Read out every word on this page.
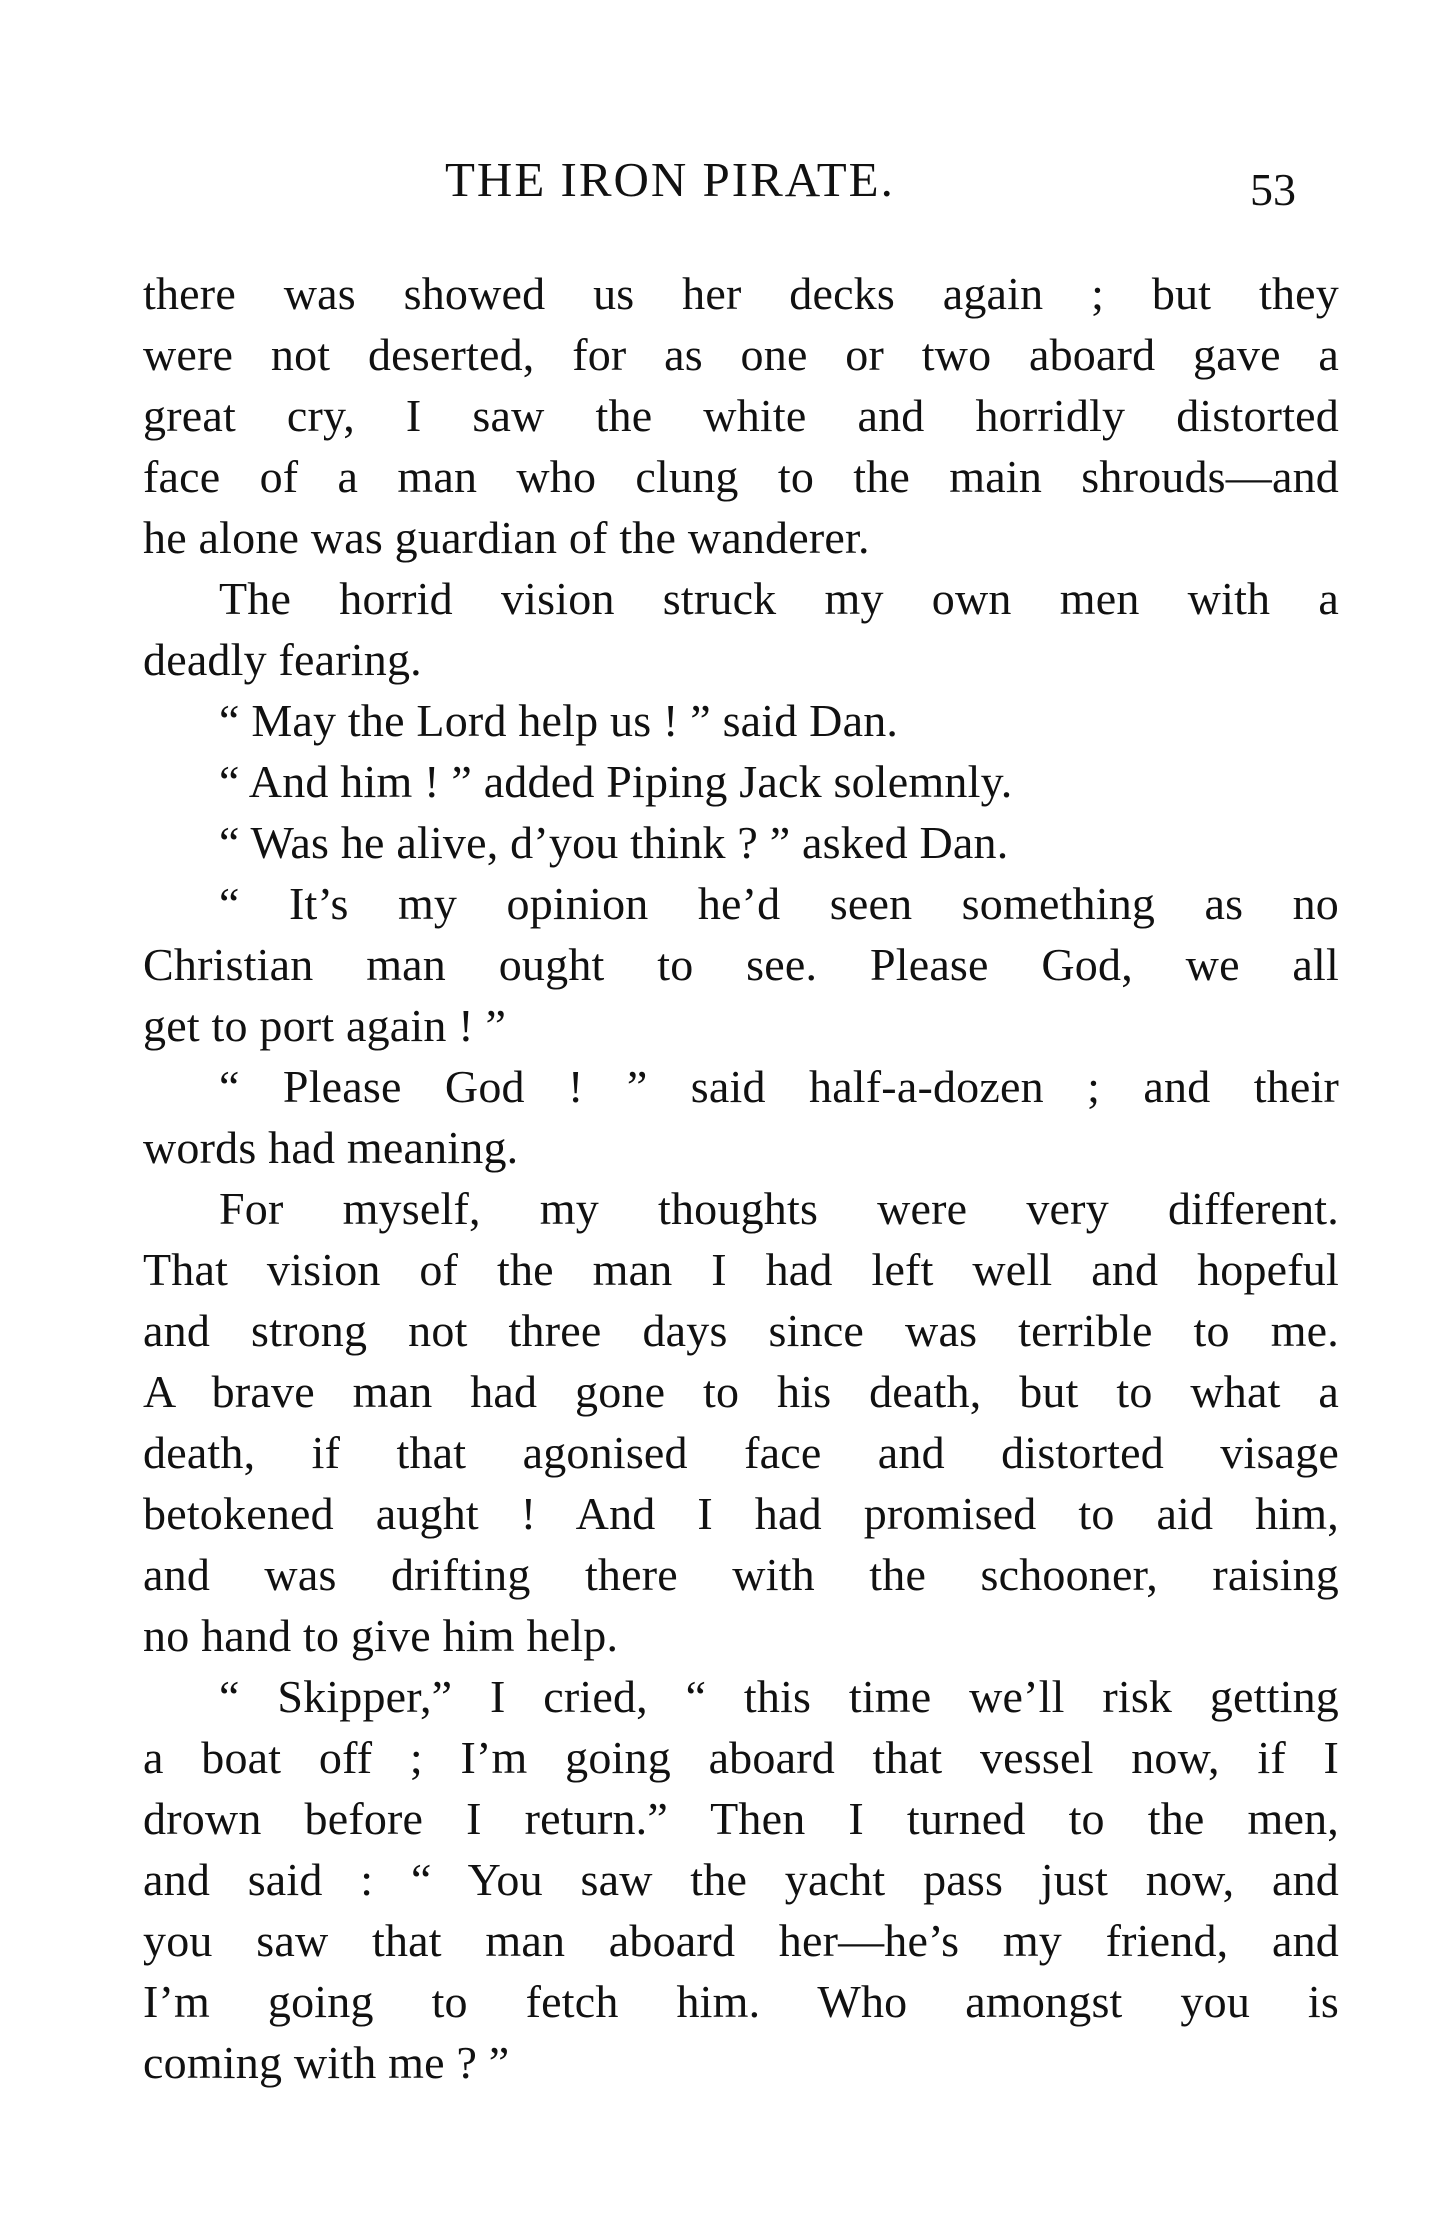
THE IRON PIRATE.	53
there was showed us her decks again ; but they
were not deserted, for as one or two aboard gave a
great cry, I saw the white and horridly distorted
face of a man who clung to the main shrouds—and
he alone was guardian of the wanderer.
The horrid vision struck my own men with a
deadly fearing.
“ May the Lord help us ! ” said Dan.
“ And him ! ” added Piping Jack solemnly.
“ Was he alive, d’you think ? ” asked Dan.
“ It’s my opinion he’d seen something as no
Christian man ought to see. Please God, we all
get to port again ! ”
“ Please God ! ” said half-a-dozen ; and their
words had meaning.
For myself, my thoughts were very different.
That vision of the man I had left well and hopeful
and strong not three days since was terrible to me.
A brave man had gone to his death, but to what a
death, if that agonised face and distorted visage
betokened aught ! And I had promised to aid him,
and was drifting there with the schooner, raising
no hand to give him help.
“ Skipper,” I cried, “ this time we’ll risk getting
a boat off ; I’m going aboard that vessel now, if I
drown before I return.” Then I turned to the men,
and said : “ You saw the yacht pass just now, and
you saw that man aboard her—he’s my friend, and
I’m going to fetch him. Who amongst you is
coming with me ? ”
